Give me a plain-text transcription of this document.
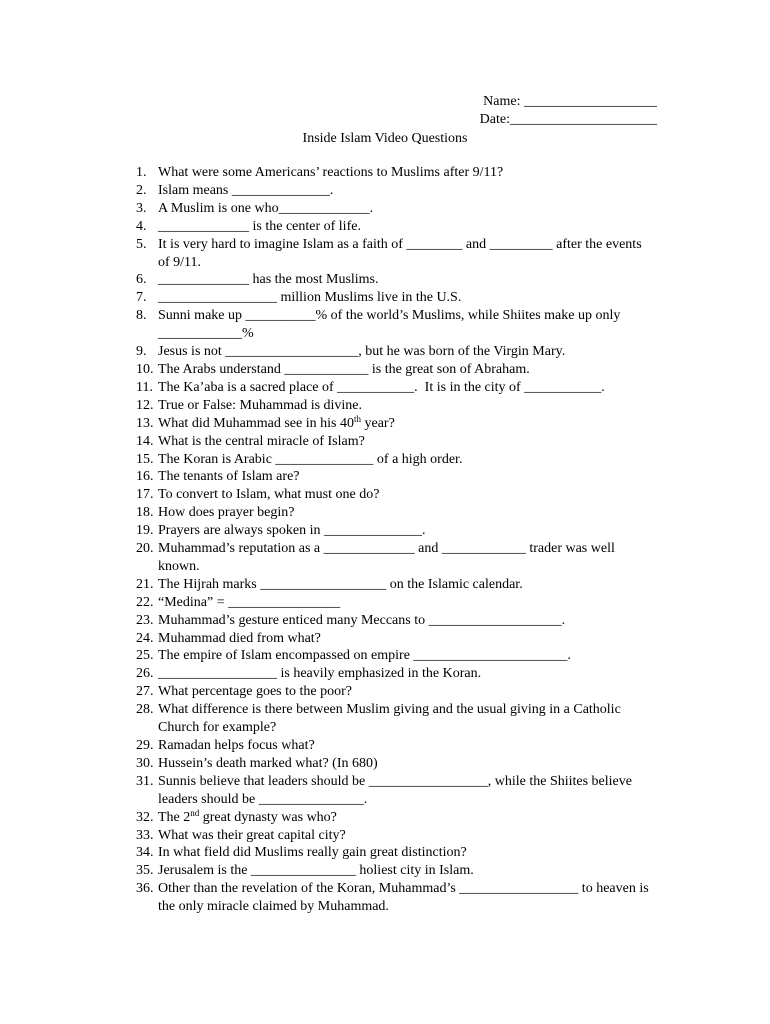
Name: ___________________
Date:_____________________
Inside Islam Video Questions
1. What were some Americans’ reactions to Muslims after 9/11?
2. Islam means ______________.
3. A Muslim is one who_____________.
4. _____________ is the center of life.
5. It is very hard to imagine Islam as a faith of ________ and _________ after the events of 9/11.
6. _____________ has the most Muslims.
7. _________________ million Muslims live in the U.S.
8. Sunni make up __________% of the world’s Muslims, while Shiites make up only ____________%
9. Jesus is not ___________________, but he was born of the Virgin Mary.
10. The Arabs understand ____________ is the great son of Abraham.
11. The Ka’aba is a sacred place of ___________.  It is in the city of ___________.
12. True or False: Muhammad is divine.
13. What did Muhammad see in his 40th year?
14. What is the central miracle of Islam?
15. The Koran is Arabic ______________ of a high order.
16. The tenants of Islam are?
17. To convert to Islam, what must one do?
18. How does prayer begin?
19. Prayers are always spoken in ______________.
20. Muhammad’s reputation as a _____________ and ____________ trader was well known.
21. The Hijrah marks __________________ on the Islamic calendar.
22. “Medina” = ________________
23. Muhammad’s gesture enticed many Meccans to ___________________.
24. Muhammad died from what?
25. The empire of Islam encompassed on empire ______________________.
26. _________________ is heavily emphasized in the Koran.
27. What percentage goes to the poor?
28. What difference is there between Muslim giving and the usual giving in a Catholic Church for example?
29. Ramadan helps focus what?
30. Hussein’s death marked what? (In 680)
31. Sunnis believe that leaders should be _________________, while the Shiites believe leaders should be _______________.
32. The 2nd great dynasty was who?
33. What was their great capital city?
34. In what field did Muslims really gain great distinction?
35. Jerusalem is the _______________ holiest city in Islam.
36. Other than the revelation of the Koran, Muhammad’s _________________ to heaven is the only miracle claimed by Muhammad.
